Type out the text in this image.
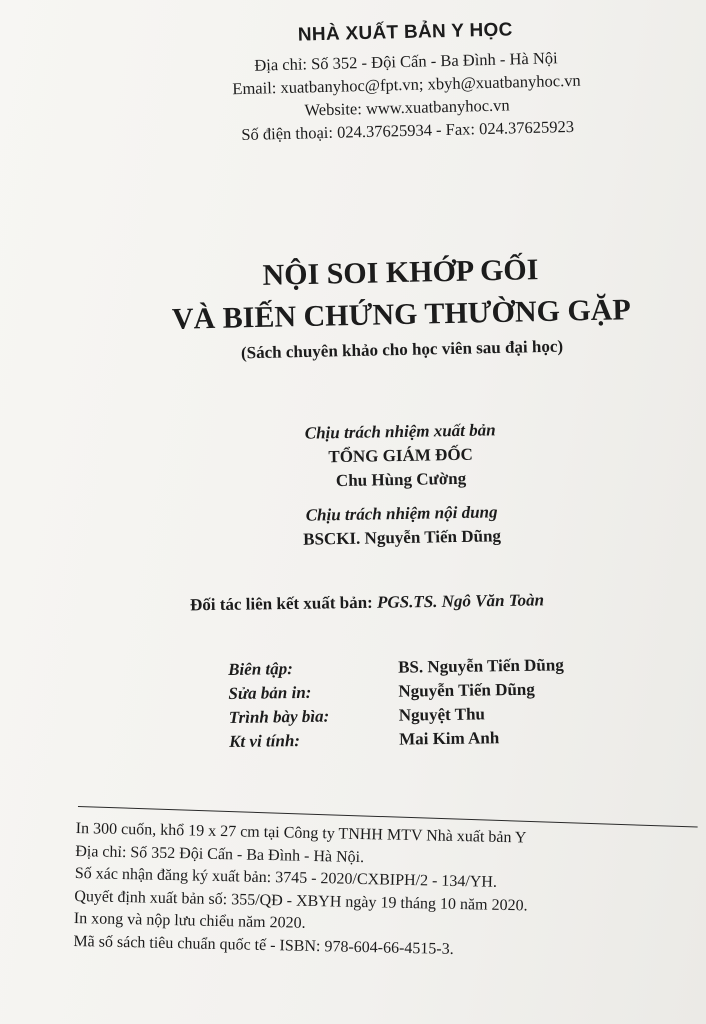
NHÀ XUẤT BẢN Y HỌC
Địa chỉ: Số 352 - Đội Cấn - Ba Đình - Hà Nội
Email: xuatbanyhoc@fpt.vn; xbyh@xuatbanyhoc.vn
Website: www.xuatbanyhoc.vn
Số điện thoại: 024.37625934 - Fax: 024.37625923
NỘI SOI KHỚP GỐI
VÀ BIẾN CHỨNG THƯỜNG GẶP
(Sách chuyên khảo cho học viên sau đại học)
Chịu trách nhiệm xuất bản
TỔNG GIÁM ĐỐC
Chu Hùng Cường
Chịu trách nhiệm nội dung
BSCKI. Nguyễn Tiến Dũng
Đối tác liên kết xuất bản: PGS.TS. Ngô Văn Toàn
Biên tập:	BS. Nguyễn Tiến Dũng
Sửa bản in:	Nguyễn Tiến Dũng
Trình bày bìa:	Nguyệt Thu
Kt vi tính:	Mai Kim Anh
In 300 cuốn, khổ 19 x 27 cm tại Công ty TNHH MTV Nhà xuất bản Y
Địa chỉ: Số 352 Đội Cấn - Ba Đình - Hà Nội.
Số xác nhận đăng ký xuất bản: 3745 - 2020/CXBIPH/2 - 134/YH.
Quyết định xuất bản số: 355/QĐ - XBYH ngày 19 tháng 10 năm 2020.
In xong và nộp lưu chiểu năm 2020.
Mã số sách tiêu chuẩn quốc tế - ISBN: 978-604-66-4515-3.
